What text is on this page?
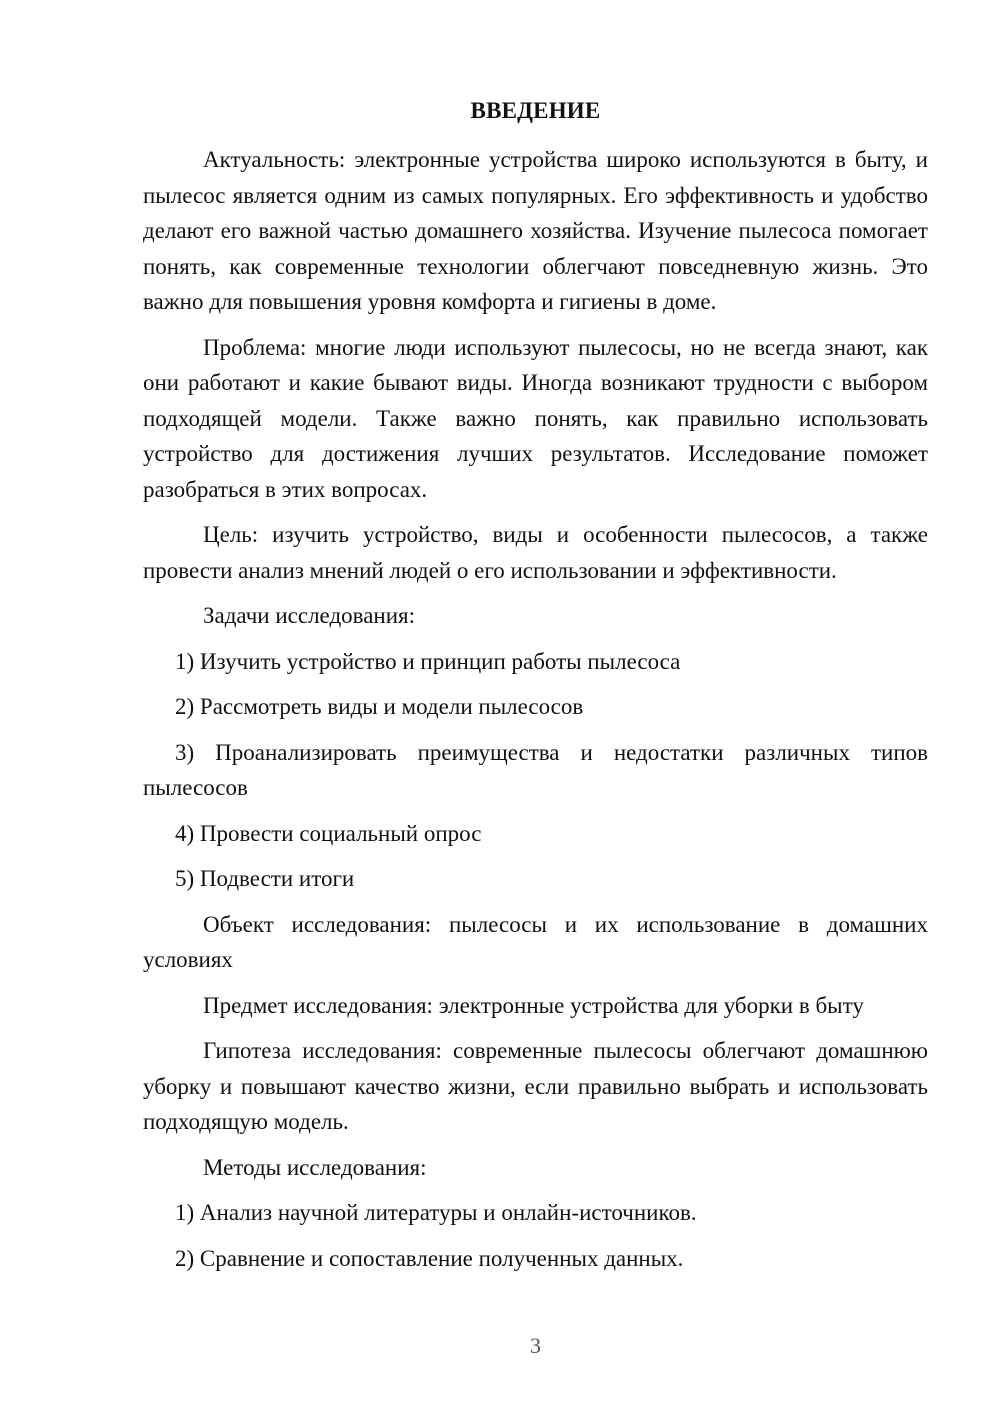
ВВЕДЕНИЕ

Актуальность: электронные устройства широко используются в быту, и пылесос является одним из самых популярных. Его эффективность и удобство делают его важной частью домашнего хозяйства. Изучение пылесоса помогает понять, как современные технологии облегчают повседневную жизнь. Это важно для повышения уровня комфорта и гигиены в доме.

Проблема: многие люди используют пылесосы, но не всегда знают, как они работают и какие бывают виды. Иногда возникают трудности с выбором подходящей модели. Также важно понять, как правильно использовать устройство для достижения лучших результатов. Исследование поможет разобраться в этих вопросах.

Цель: изучить устройство, виды и особенности пылесосов, а также провести анализ мнений людей о его использовании и эффективности.

Задачи исследования:

1) Изучить устройство и принцип работы пылесоса

2) Рассмотреть виды и модели пылесосов

3) Проанализировать преимущества и недостатки различных типов пылесосов

4) Провести социальный опрос

5) Подвести итоги

Объект исследования: пылесосы и их использование в домашних условиях

Предмет исследования: электронные устройства для уборки в быту

Гипотеза исследования: современные пылесосы облегчают домашнюю уборку и повышают качество жизни, если правильно выбрать и использовать подходящую модель.

Методы исследования:

1) Анализ научной литературы и онлайн-источников.

2) Сравнение и сопоставление полученных данных.

3
